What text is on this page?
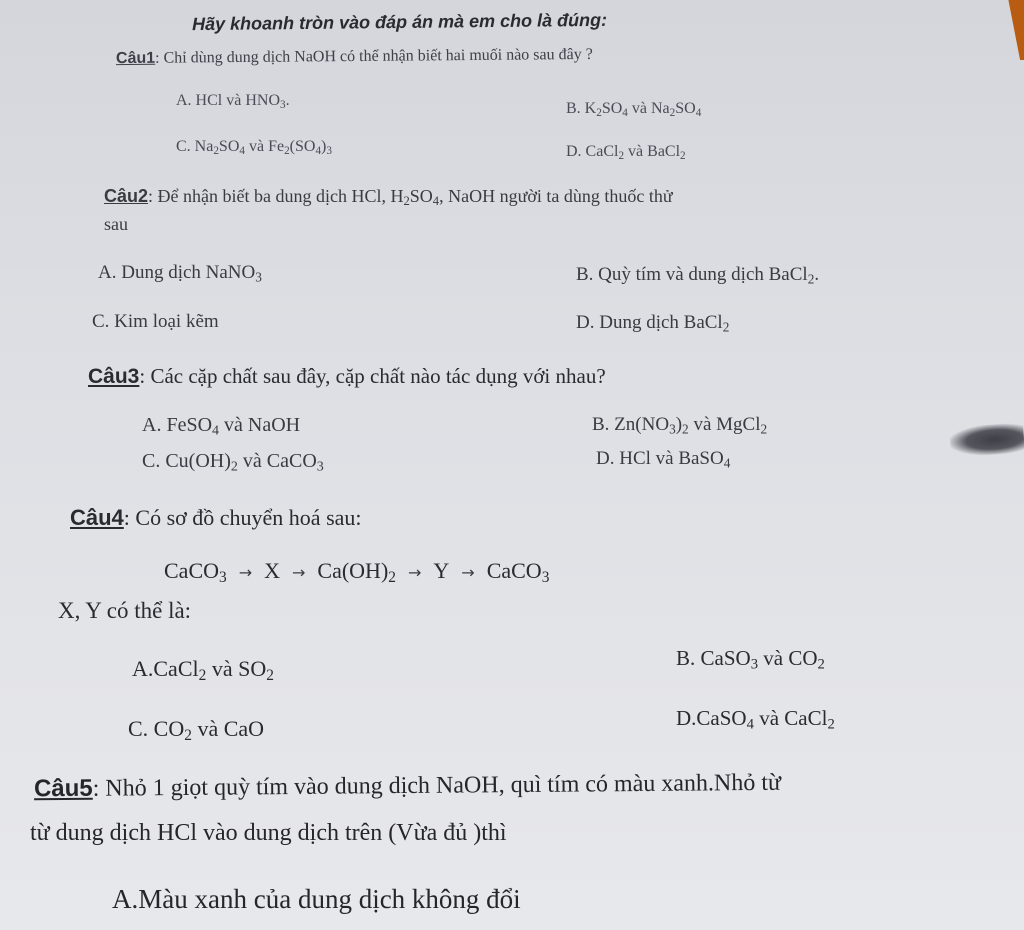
Hãy khoanh tròn vào đáp án mà em cho là đúng:
Câu1: Chỉ dùng dung dịch NaOH có thể nhận biết hai muối nào sau đây ?
A. HCl và $HNO_3$.	B. $K_2SO_4$ và $Na_2SO_4$
C. $Na_2SO_4$ và $Fe_2(SO_4)_3$	D. CaCl$_2$ và BaCl$_2$
Câu2: Để nhận biết ba dung dịch HCl, $H_2SO_4$, NaOH người ta dùng thuốc thử
sau
A. Dung dịch NaNO$_3$	B. Quỳ tím và dung dịch BaCl$_2$.
C. Kim loại kẽm	D. Dung dịch BaCl$_2$
Câu3: Các cặp chất sau đây, cặp chất nào tác dụng với nhau?
A. FeSO$_4$ và NaOH	B. $Zn(NO_3)_2$ và MgCl$_2$
C. $Cu(OH)_2$ và CaCO$_3$	D. HCl và BaSO$_4$
Câu4: Có sơ đồ chuyển hoá sau:
CaCO$_3$ → $X \to Ca(OH)_2 \to Y$ → CaCO$_3$
X, Y có thể là:
A.CaCl$_2$ và $SO_2$
B. CaSO$_3$ và $CO_2$
C. $CO_2$ và CaO	D.CaSO$_4$ và CaCl$_2$
Câu5: Nhỏ 1 giọt quỳ tím vào dung dịch NaOH, quì tím có màu xanh.Nhỏ từ
từ dung dịch HCl vào dung dịch trên (Vừa đủ )thì
A.Màu xanh của dung dịch không đổi
